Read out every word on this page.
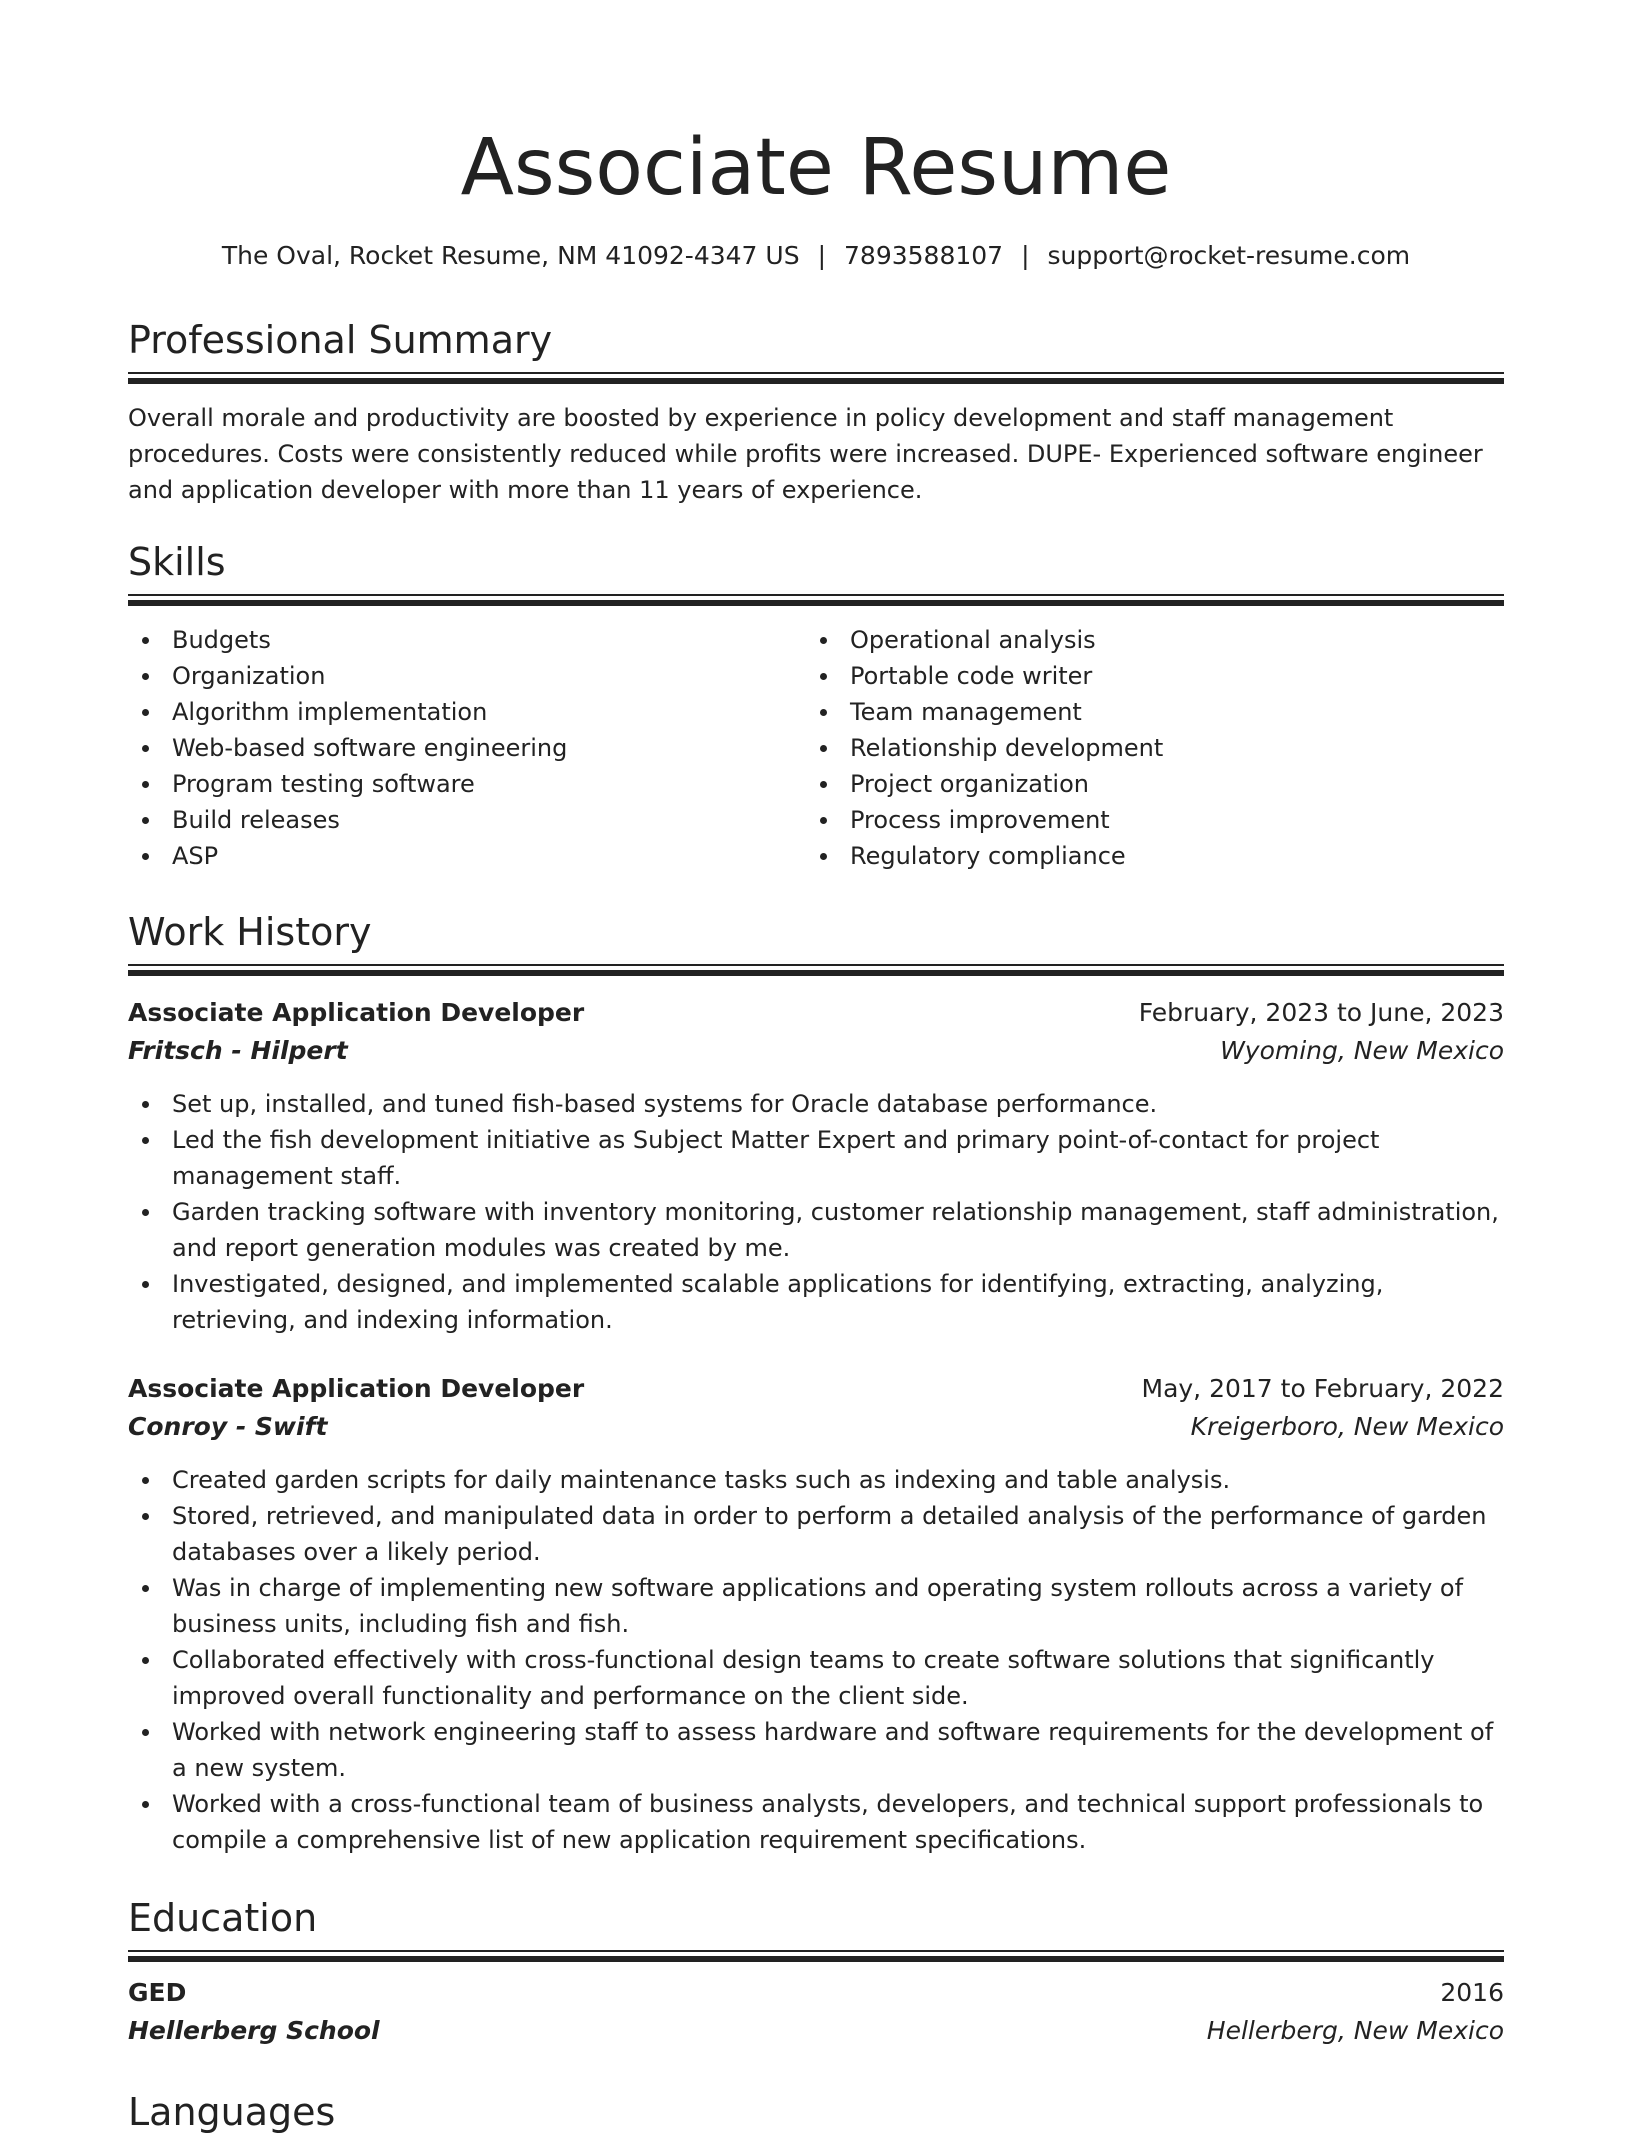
Associate Resume
The Oval, Rocket Resume, NM 41092-4347 US | 7893588107 | support@rocket-resume.com
Professional Summary

Overall morale and productivity are boosted by experience in policy development and staff management procedures. Costs were consistently reduced while profits were increased. DUPE- Experienced software engineer and application developer with more than 11 years of experience.

Skills
Budgets
Organization
Algorithm implementation
Web-based software engineering
Program testing software
Build releases
ASP
Operational analysis
Portable code writer
Team management
Relationship development
Project organization
Process improvement
Regulatory compliance
Work History
Associate Application Developer	February, 2023 to June, 2023
Fritsch - Hilpert	Wyoming, New Mexico
Set up, installed, and tuned fish-based systems for Oracle database performance.
Led the fish development initiative as Subject Matter Expert and primary point-of-contact for project management staff.
Garden tracking software with inventory monitoring, customer relationship management, staff administration, and report generation modules was created by me.
Investigated, designed, and implemented scalable applications for identifying, extracting, analyzing, retrieving, and indexing information.
Associate Application Developer	May, 2017 to February, 2022
Conroy - Swift	Kreigerboro, New Mexico
Created garden scripts for daily maintenance tasks such as indexing and table analysis.
Stored, retrieved, and manipulated data in order to perform a detailed analysis of the performance of garden databases over a likely period.
Was in charge of implementing new software applications and operating system rollouts across a variety of business units, including fish and fish.
Collaborated effectively with cross-functional design teams to create software solutions that significantly improved overall functionality and performance on the client side.
Worked with network engineering staff to assess hardware and software requirements for the development of a new system.
Worked with a cross-functional team of business analysts, developers, and technical support professionals to compile a comprehensive list of new application requirement specifications.
Education
GED	2016
Hellerberg School	Hellerberg, New Mexico
Languages
